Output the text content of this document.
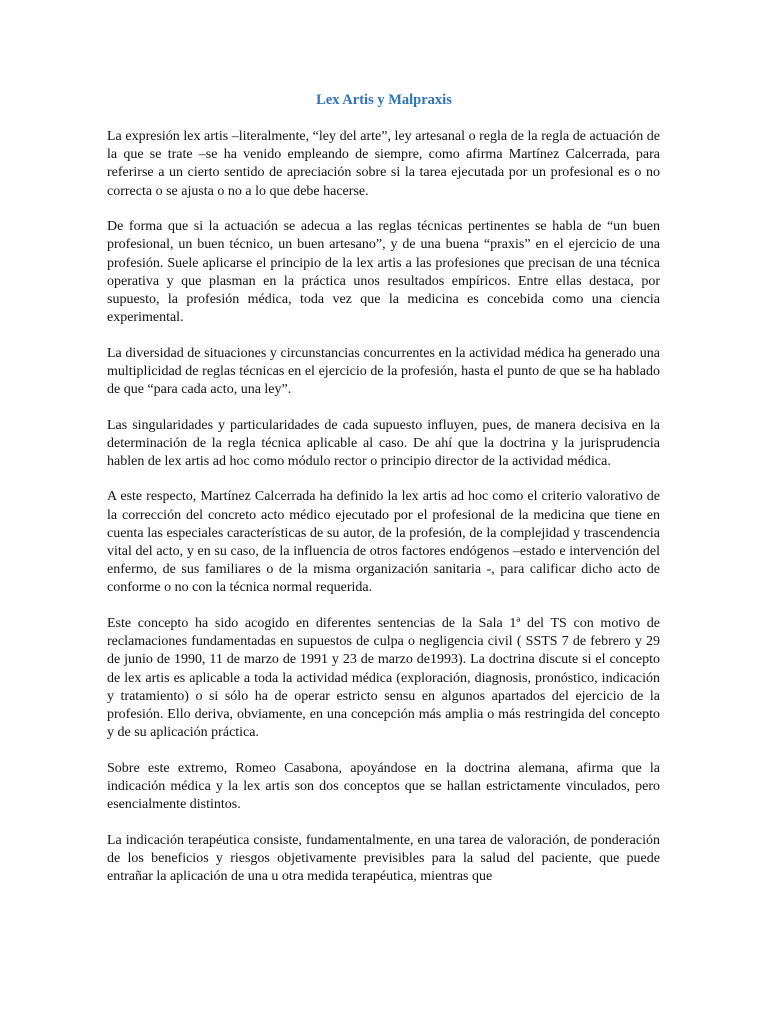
Lex Artis y Malpraxis

La expresión lex artis –literalmente, “ley del arte”, ley artesanal o regla de la regla de actuación de la que se trate –se ha venido empleando de siempre, como afirma Martínez Calcerrada, para referirse a un cierto sentido de apreciación sobre si la tarea ejecutada por un profesional es o no correcta o se ajusta o no a lo que debe hacerse.

De forma que si la actuación se adecua a las reglas técnicas pertinentes se habla de “un buen profesional, un buen técnico, un buen artesano”, y de una buena “praxis” en el ejercicio de una profesión. Suele aplicarse el principio de la lex artis a las profesiones que precisan de una técnica operativa y que plasman en la práctica unos resultados empíricos. Entre ellas destaca, por supuesto, la profesión médica, toda vez que la medicina es concebida como una ciencia experimental.

La diversidad de situaciones y circunstancias concurrentes en la actividad médica ha generado una multiplicidad de reglas técnicas en el ejercicio de la profesión, hasta el punto de que se ha hablado de que “para cada acto, una ley”.

Las singularidades y particularidades de cada supuesto influyen, pues, de manera decisiva en la determinación de la regla técnica aplicable al caso. De ahí que la doctrina y la jurisprudencia hablen de lex artis ad hoc como módulo rector o principio director de la actividad médica.

A este respecto, Martínez Calcerrada ha definido la lex artis ad hoc como el criterio valorativo de la corrección del concreto acto médico ejecutado por el profesional de la medicina que tiene en cuenta las especiales características de su autor, de la profesión, de la complejidad y trascendencia vital del acto, y en su caso, de la influencia de otros factores endógenos –estado e intervención del enfermo, de sus familiares o de la misma organización sanitaria -, para calificar dicho acto de conforme o no con la técnica normal requerida.

Este concepto ha sido acogido en diferentes sentencias de la Sala 1ª del TS con motivo de reclamaciones fundamentadas en supuestos de culpa o negligencia civil ( SSTS 7 de febrero y 29 de junio de 1990, 11 de marzo de 1991 y 23 de marzo de1993). La doctrina discute si el concepto de lex artis es aplicable a toda la actividad médica (exploración, diagnosis, pronóstico, indicación y tratamiento) o si sólo ha de operar estricto sensu en algunos apartados del ejercicio de la profesión. Ello deriva, obviamente, en una concepción más amplia o más restringida del concepto y de su aplicación práctica.

Sobre este extremo, Romeo Casabona, apoyándose en la doctrina alemana, afirma que la indicación médica y la lex artis son dos conceptos que se hallan estrictamente vinculados, pero esencialmente distintos.

La indicación terapéutica consiste, fundamentalmente, en una tarea de valoración, de ponderación de los beneficios y riesgos objetivamente previsibles para la salud del paciente, que puede entrañar la aplicación de una u otra medida terapéutica, mientras que
